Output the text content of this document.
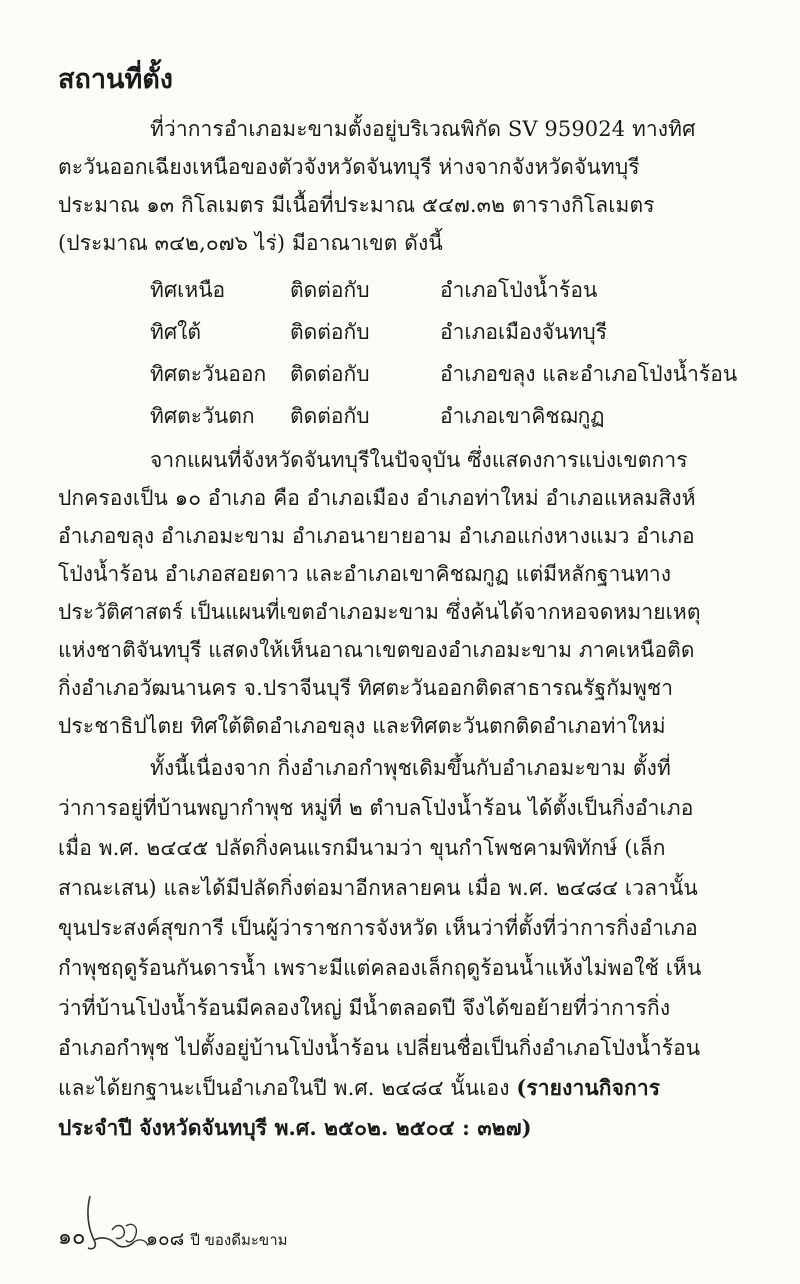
สถานที่ตั้ง
ที่ว่าการอำเภอมะขามตั้งอยู่บริเวณพิกัด SV 959024 ทางทิศ
ตะวันออกเฉียงเหนือของตัวจังหวัดจันทบุรี ห่างจากจังหวัดจันทบุรี
ประมาณ ๑๓ กิโลเมตร มีเนื้อที่ประมาณ ๕๔๗.๓๒ ตารางกิโลเมตร
(ประมาณ ๓๔๒,๐๗๖ ไร่) มีอาณาเขต ดังนี้
ทิศเหนือ	ติดต่อกับ	อำเภอโป่งน้ำร้อน
ทิศใต้	ติดต่อกับ	อำเภอเมืองจันทบุรี
ทิศตะวันออก	ติดต่อกับ	อำเภอขลุง และอำเภอโป่งน้ำร้อน
ทิศตะวันตก	ติดต่อกับ	อำเภอเขาคิชฌกูฏ
จากแผนที่จังหวัดจันทบุรีในปัจจุบัน ซึ่งแสดงการแบ่งเขตการ
ปกครองเป็น ๑๐ อำเภอ คือ อำเภอเมือง อำเภอท่าใหม่ อำเภอแหลมสิงห์
อำเภอขลุง อำเภอมะขาม อำเภอนายายอาม อำเภอแก่งหางแมว อำเภอ
โป่งน้ำร้อน อำเภอสอยดาว และอำเภอเขาคิชฌกูฏ แต่มีหลักฐานทาง
ประวัติศาสตร์ เป็นแผนที่เขตอำเภอมะขาม ซึ่งค้นได้จากหอจดหมายเหตุ
แห่งชาติจันทบุรี แสดงให้เห็นอาณาเขตของอำเภอมะขาม ภาคเหนือติด
กิ่งอำเภอวัฒนานคร จ.ปราจีนบุรี ทิศตะวันออกติดสาธารณรัฐกัมพูชา
ประชาธิปไตย ทิศใต้ติดอำเภอขลุง และทิศตะวันตกติดอำเภอท่าใหม่
ทั้งนี้เนื่องจาก กิ่งอำเภอกำพุชเดิมขึ้นกับอำเภอมะขาม ตั้งที่
ว่าการอยู่ที่บ้านพญากำพุช หมู่ที่ ๒ ตำบลโป่งน้ำร้อน ได้ตั้งเป็นกิ่งอำเภอ
เมื่อ พ.ศ. ๒๔๔๕ ปลัดกิ่งคนแรกมีนามว่า ขุนกำโพชคามพิทักษ์ (เล็ก
สาณะเสน) และได้มีปลัดกิ่งต่อมาอีกหลายคน เมื่อ พ.ศ. ๒๔๘๔ เวลานั้น
ขุนประสงค์สุขการี เป็นผู้ว่าราชการจังหวัด เห็นว่าที่ตั้งที่ว่าการกิ่งอำเภอ
กำพุชฤดูร้อนกันดารน้ำ เพราะมีแต่คลองเล็กฤดูร้อนน้ำแห้งไม่พอใช้ เห็น
ว่าที่บ้านโป่งน้ำร้อนมีคลองใหญ่ มีน้ำตลอดปี จึงได้ขอย้ายที่ว่าการกิ่ง
อำเภอกำพุช ไปตั้งอยู่บ้านโป่งน้ำร้อน เปลี่ยนชื่อเป็นกิ่งอำเภอโป่งน้ำร้อน
และได้ยกฐานะเป็นอำเภอในปี พ.ศ. ๒๔๘๔ นั้นเอง (รายงานกิจการ
ประจำปี จังหวัดจันทบุรี พ.ศ. ๒๕๐๒. ๒๕๐๔ : ๓๒๗)
๑๐	๑๐๘ ปี ของดีมะขาม
